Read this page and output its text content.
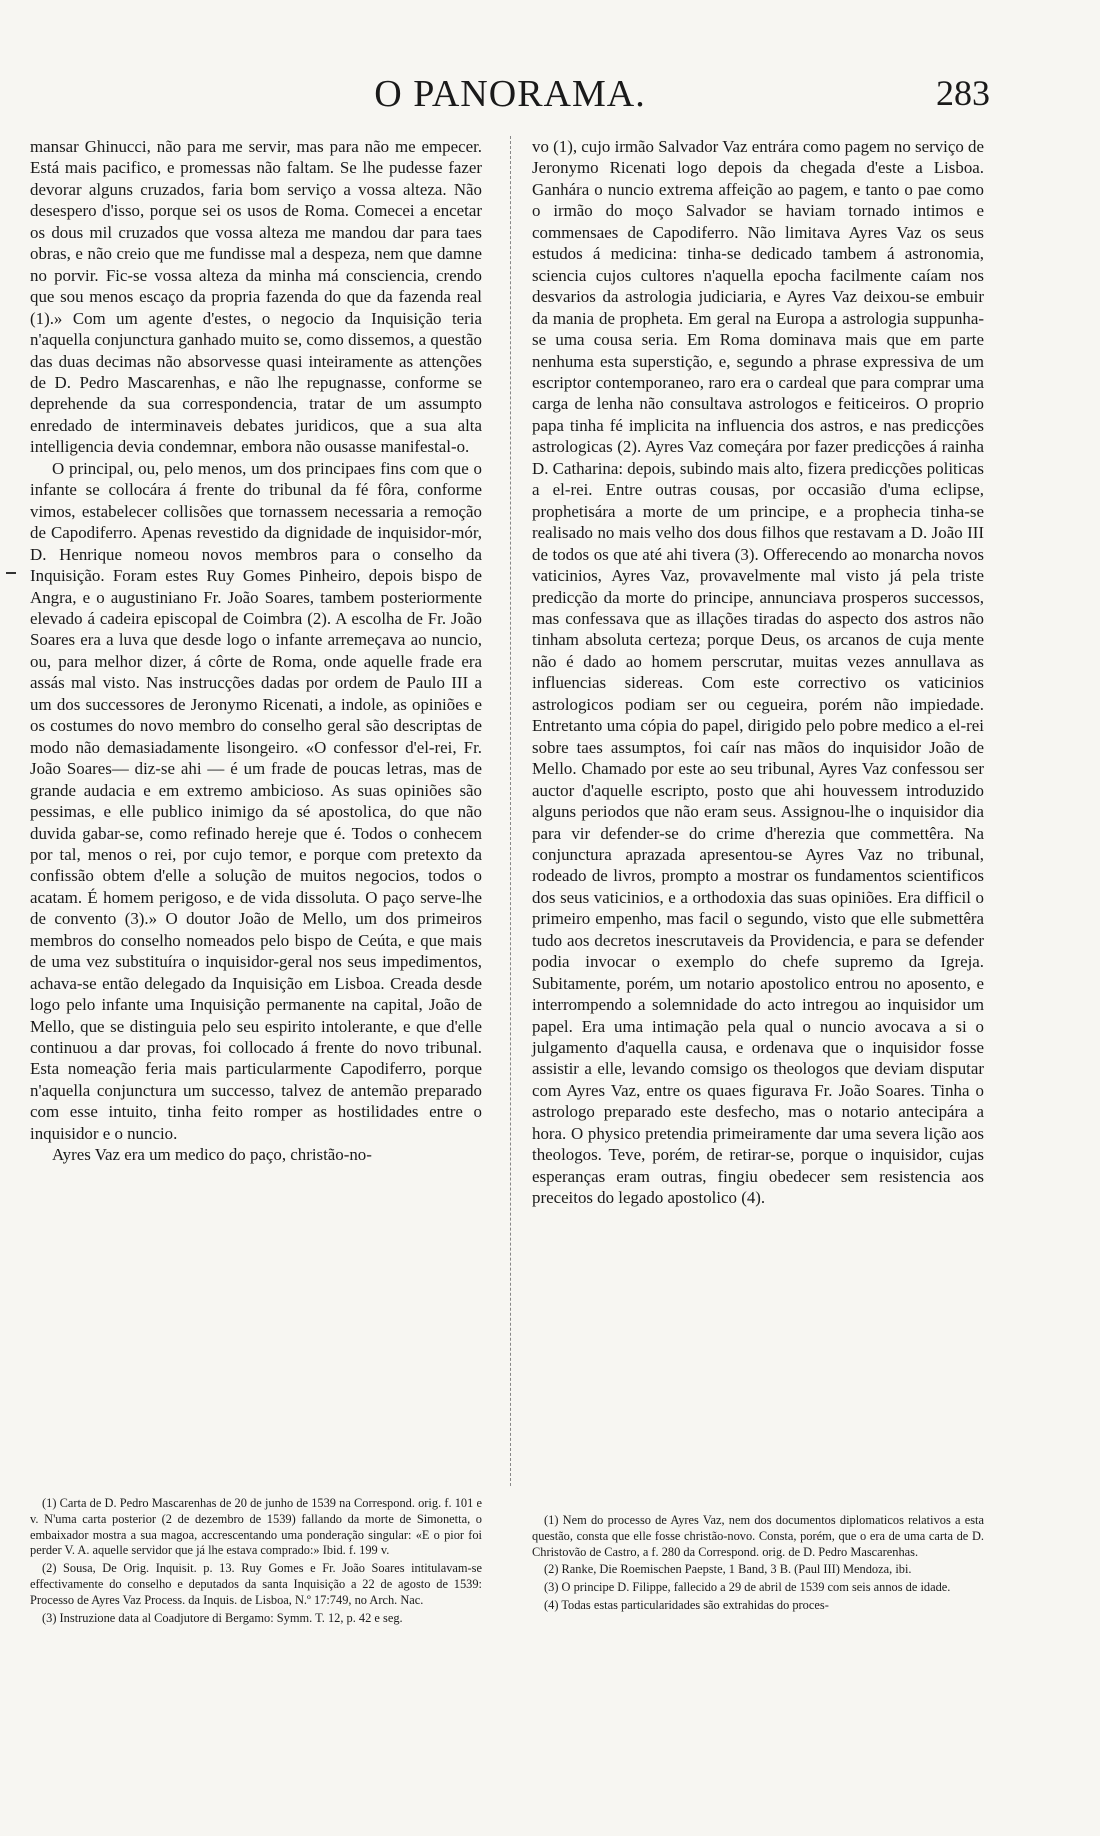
O PANORAMA.	283

mansar Ghinucci, não para me servir, mas para não me empecer. Está mais pacifico, e promessas não faltam. Se lhe pudesse fazer devorar alguns cruzados, faria bom serviço a vossa alteza. Não desespero d'isso, porque sei os usos de Roma. Comecei a encetar os dous mil cruzados que vossa alteza me mandou dar para taes obras, e não creio que me fundisse mal a despeza, nem que damne no porvir. Fic-se vossa alteza da minha má consciencia, crendo que sou menos escaço da propria fazenda do que da fazenda real (1).» Com um agente d'estes, o negocio da Inquisição teria n'aquella conjunctura ganhado muito se, como dissemos, a questão das duas decimas não absorvesse quasi inteiramente as attenções de D. Pedro Mascarenhas, e não lhe repugnasse, conforme se deprehende da sua correspondencia, tratar de um assumpto enredado de interminaveis debates juridicos, que a sua alta intelligencia devia condemnar, embora não ousasse manifestal-o.

O principal, ou, pelo menos, um dos principaes fins com que o infante se collocára á frente do tribunal da fé fôra, conforme vimos, estabelecer collisões que tornassem necessaria a remoção de Capodiferro. Apenas revestido da dignidade de inquisidor-mór, D. Henrique nomeou novos membros para o conselho da Inquisição. Foram estes Ruy Gomes Pinheiro, depois bispo de Angra, e o augustiniano Fr. João Soares, tambem posteriormente elevado á cadeira episcopal de Coimbra (2). A escolha de Fr. João Soares era a luva que desde logo o infante arremeçava ao nuncio, ou, para melhor dizer, á côrte de Roma, onde aquelle frade era assás mal visto. Nas instrucções dadas por ordem de Paulo III a um dos successores de Jeronymo Ricenati, a indole, as opiniões e os costumes do novo membro do conselho geral são descriptas de modo não demasiadamente lisongeiro. «O confessor d'el-rei, Fr. João Soares— diz-se ahi — é um frade de poucas letras, mas de grande audacia e em extremo ambicioso. As suas opiniões são pessimas, e elle publico inimigo da sé apostolica, do que não duvida gabar-se, como refinado hereje que é. Todos o conhecem por tal, menos o rei, por cujo temor, e porque com pretexto da confissão obtem d'elle a solução de muitos negocios, todos o acatam. É homem perigoso, e de vida dissoluta. O paço serve-lhe de convento (3).» O doutor João de Mello, um dos primeiros membros do conselho nomeados pelo bispo de Ceúta, e que mais de uma vez substituíra o inquisidor-geral nos seus impedimentos, achava-se então delegado da Inquisição em Lisboa. Creada desde logo pelo infante uma Inquisição permanente na capital, João de Mello, que se distinguia pelo seu espirito intolerante, e que d'elle continuou a dar provas, foi collocado á frente do novo tribunal. Esta nomeação feria mais particularmente Capodiferro, porque n'aquella conjunctura um successo, talvez de antemão preparado com esse intuito, tinha feito romper as hostilidades entre o inquisidor e o nuncio.

Ayres Vaz era um medico do paço, christão-no-

vo (1), cujo irmão Salvador Vaz entrára como pagem no serviço de Jeronymo Ricenati logo depois da chegada d'este a Lisboa. Ganhára o nuncio extrema affeição ao pagem, e tanto o pae como o irmão do moço Salvador se haviam tornado intimos e commensaes de Capodiferro. Não limitava Ayres Vaz os seus estudos á medicina: tinha-se dedicado tambem á astronomia, sciencia cujos cultores n'aquella epocha facilmente caíam nos desvarios da astrologia judiciaria, e Ayres Vaz deixou-se embuir da mania de propheta. Em geral na Europa a astrologia suppunha-se uma cousa seria. Em Roma dominava mais que em parte nenhuma esta superstição, e, segundo a phrase expressiva de um escriptor contemporaneo, raro era o cardeal que para comprar uma carga de lenha não consultava astrologos e feiticeiros. O proprio papa tinha fé implicita na influencia dos astros, e nas predicções astrologicas (2). Ayres Vaz começára por fazer predicções á rainha D. Catharina: depois, subindo mais alto, fizera predicções politicas a el-rei. Entre outras cousas, por occasião d'uma eclipse, prophetisára a morte de um principe, e a prophecia tinha-se realisado no mais velho dos dous filhos que restavam a D. João III de todos os que até ahi tivera (3). Offerecendo ao monarcha novos vaticinios, Ayres Vaz, provavelmente mal visto já pela triste predicção da morte do principe, annunciava prosperos successos, mas confessava que as illações tiradas do aspecto dos astros não tinham absoluta certeza; porque Deus, os arcanos de cuja mente não é dado ao homem perscrutar, muitas vezes annullava as influencias sidereas. Com este correctivo os vaticinios astrologicos podiam ser ou cegueira, porém não impiedade. Entretanto uma cópia do papel, dirigido pelo pobre medico a el-rei sobre taes assumptos, foi caír nas mãos do inquisidor João de Mello. Chamado por este ao seu tribunal, Ayres Vaz confessou ser auctor d'aquelle escripto, posto que ahi houvessem introduzido alguns periodos que não eram seus. Assignou-lhe o inquisidor dia para vir defender-se do crime d'herezia que commettêra. Na conjunctura aprazada apresentou-se Ayres Vaz no tribunal, rodeado de livros, prompto a mostrar os fundamentos scientificos dos seus vaticinios, e a orthodoxia das suas opiniões. Era difficil o primeiro empenho, mas facil o segundo, visto que elle submettêra tudo aos decretos inescrutaveis da Providencia, e para se defender podia invocar o exemplo do chefe supremo da Igreja. Subitamente, porém, um notario apostolico entrou no aposento, e interrompendo a solemnidade do acto intregou ao inquisidor um papel. Era uma intimação pela qual o nuncio avocava a si o julgamento d'aquella causa, e ordenava que o inquisidor fosse assistir a elle, levando comsigo os theologos que deviam disputar com Ayres Vaz, entre os quaes figurava Fr. João Soares. Tinha o astrologo preparado este desfecho, mas o notario antecipára a hora. O physico pretendia primeiramente dar uma severa lição aos theologos. Teve, porém, de retirar-se, porque o inquisidor, cujas esperanças eram outras, fingiu obedecer sem resistencia aos preceitos do legado apostolico (4).

(1) Carta de D. Pedro Mascarenhas de 20 de junho de 1539 na Correspond. orig. f. 101 e v. N'uma carta posterior (2 de dezembro de 1539) fallando da morte de Simonetta, o embaixador mostra a sua magoa, accrescentando uma ponderação singular: «E o pior foi perder V. A. aquelle servidor que já lhe estava comprado:» Ibid. f. 199 v.

(2) Sousa, De Orig. Inquisit. p. 13. Ruy Gomes e Fr. João Soares intitulavam-se effectivamente do conselho e deputados da santa Inquisição a 22 de agosto de 1539: Processo de Ayres Vaz Process. da Inquis. de Lisboa, N.º 17:749, no Arch. Nac.

(3) Instruzione data al Coadjutore di Bergamo: Symm. T. 12, p. 42 e seg.

(1) Nem do processo de Ayres Vaz, nem dos documentos diplomaticos relativos a esta questão, consta que elle fosse christão-novo. Consta, porém, que o era de uma carta de D. Christovão de Castro, a f. 280 da Correspond. orig. de D. Pedro Mascarenhas.

(2) Ranke, Die Roemischen Paepste, 1 Band, 3 B. (Paul III) Mendoza, ibi.

(3) O principe D. Filippe, fallecido a 29 de abril de 1539 com seis annos de idade.

(4) Todas estas particularidades são extrahidas do proces-
